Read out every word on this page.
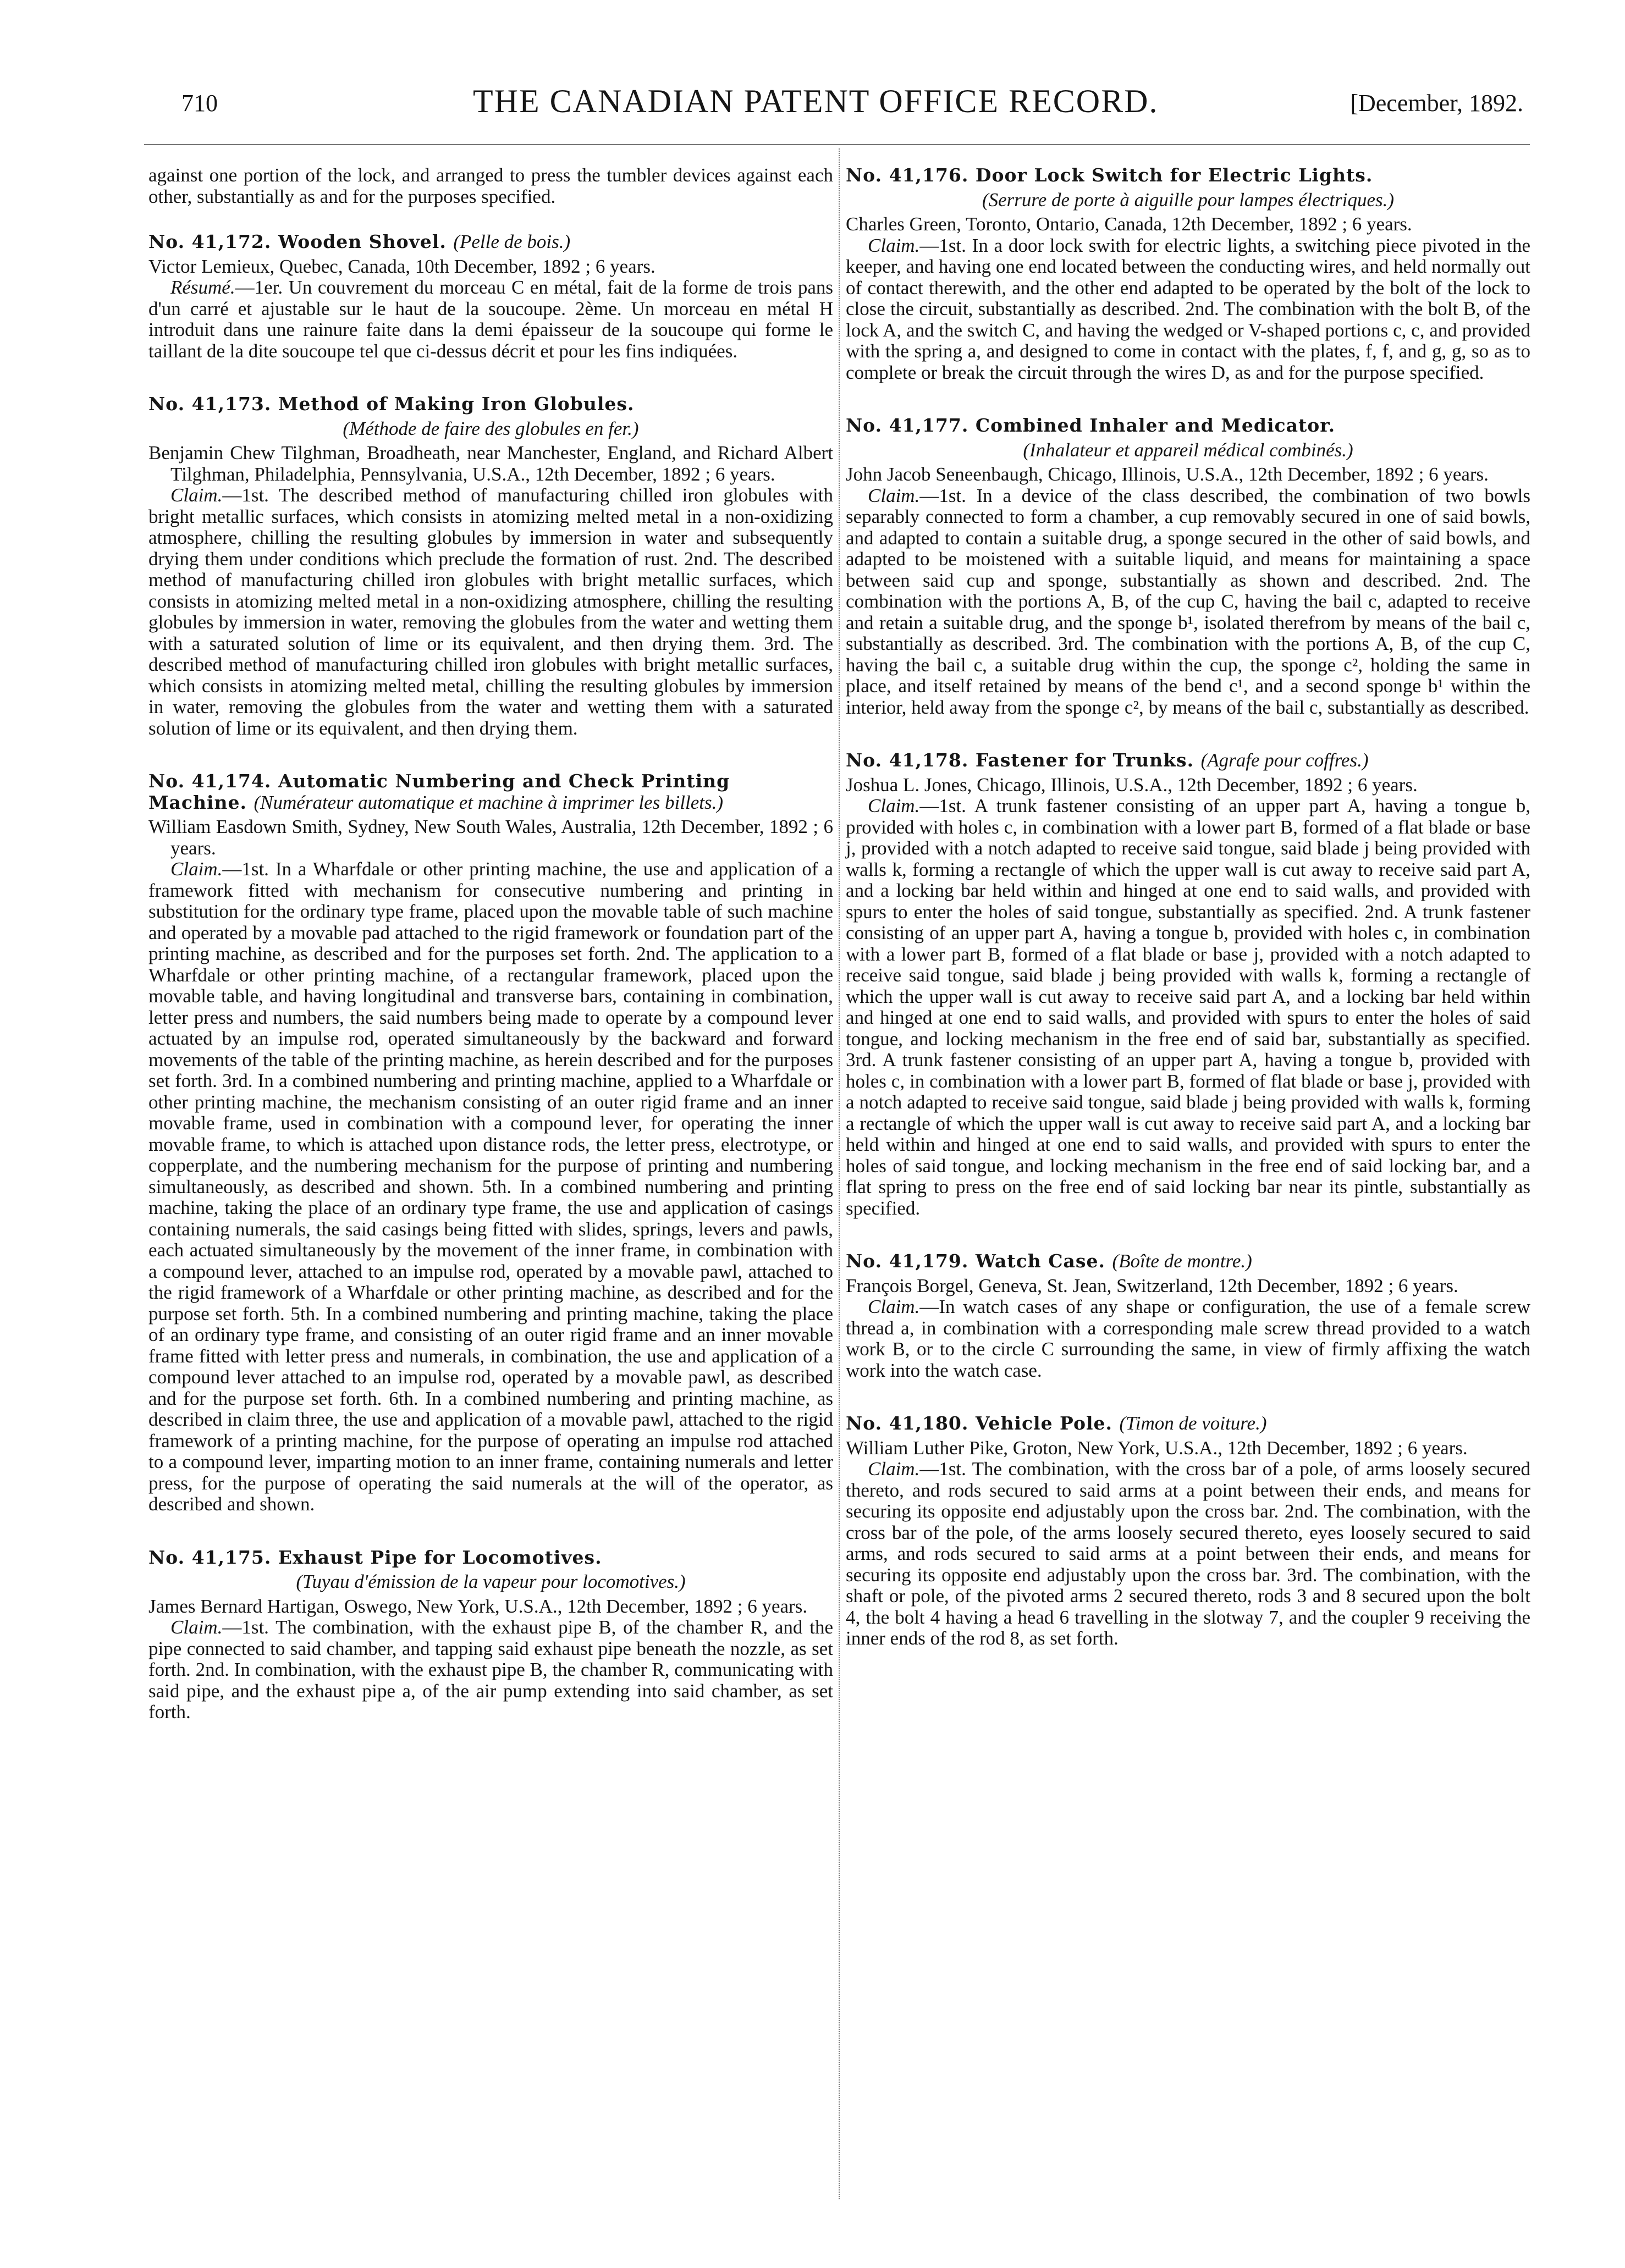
710	THE CANADIAN PATENT OFFICE RECORD.	[December, 1892.

against one portion of the lock, and arranged to press the tumbler devices against each other, substantially as and for the purposes specified.

No. 41,172. Wooden Shovel. (Pelle de bois.)

Victor Lemieux, Quebec, Canada, 10th December, 1892 ; 6 years.

Résumé.—1er. Un couvrement du morceau C en métal, fait de la forme de trois pans d'un carré et ajustable sur le haut de la soucoupe. 2ème. Un morceau en métal H introduit dans une rainure faite dans la demi épaisseur de la soucoupe qui forme le taillant de la dite soucoupe tel que ci-dessus décrit et pour les fins indiquées.

No. 41,173. Method of Making Iron Globules.
(Méthode de faire des globules en fer.)

Benjamin Chew Tilghman, Broadheath, near Manchester, England, and Richard Albert Tilghman, Philadelphia, Pennsylvania, U.S.A., 12th December, 1892 ; 6 years.

Claim.—1st. The described method of manufacturing chilled iron globules with bright metallic surfaces, which consists in atomizing melted metal in a non-oxidizing atmosphere, chilling the resulting globules by immersion in water and subsequently drying them under conditions which preclude the formation of rust. 2nd. The described method of manufacturing chilled iron globules with bright metallic surfaces, which consists in atomizing melted metal in a non-oxidizing atmosphere, chilling the resulting globules by immersion in water, removing the globules from the water and wetting them with a saturated solution of lime or its equivalent, and then drying them. 3rd. The described method of manufacturing chilled iron globules with bright metallic surfaces, which consists in atomizing melted metal, chilling the resulting globules by immersion in water, removing the globules from the water and wetting them with a saturated solution of lime or its equivalent, and then drying them.

No. 41,174. Automatic Numbering and Check Printing Machine. (Numérateur automatique et machine à imprimer les billets.)

William Easdown Smith, Sydney, New South Wales, Australia, 12th December, 1892 ; 6 years.

Claim.—1st. In a Wharfdale or other printing machine, the use and application of a framework fitted with mechanism for consecutive numbering and printing in substitution for the ordinary type frame, placed upon the movable table of such machine and operated by a movable pad attached to the rigid framework or foundation part of the printing machine, as described and for the purposes set forth. 2nd. The application to a Wharfdale or other printing machine, of a rectangular framework, placed upon the movable table, and having longitudinal and transverse bars, containing in combination, letter press and numbers, the said numbers being made to operate by a compound lever actuated by an impulse rod, operated simultaneously by the backward and forward movements of the table of the printing machine, as herein described and for the purposes set forth. 3rd. In a combined numbering and printing machine, applied to a Wharfdale or other printing machine, the mechanism consisting of an outer rigid frame and an inner movable frame, used in combination with a compound lever, for operating the inner movable frame, to which is attached upon distance rods, the letter press, electrotype, or copperplate, and the numbering mechanism for the purpose of printing and numbering simultaneously, as described and shown. 5th. In a combined numbering and printing machine, taking the place of an ordinary type frame, the use and application of casings containing numerals, the said casings being fitted with slides, springs, levers and pawls, each actuated simultaneously by the movement of the inner frame, in combination with a compound lever, attached to an impulse rod, operated by a movable pawl, attached to the rigid framework of a Wharfdale or other printing machine, as described and for the purpose set forth. 5th. In a combined numbering and printing machine, taking the place of an ordinary type frame, and consisting of an outer rigid frame and an inner movable frame fitted with letter press and numerals, in combination, the use and application of a compound lever attached to an impulse rod, operated by a movable pawl, as described and for the purpose set forth. 6th. In a combined numbering and printing machine, as described in claim three, the use and application of a movable pawl, attached to the rigid framework of a printing machine, for the purpose of operating an impulse rod attached to a compound lever, imparting motion to an inner frame, containing numerals and letter press, for the purpose of operating the said numerals at the will of the operator, as described and shown.

No. 41,175. Exhaust Pipe for Locomotives.
(Tuyau d'émission de la vapeur pour locomotives.)

James Bernard Hartigan, Oswego, New York, U.S.A., 12th December, 1892 ; 6 years.

Claim.—1st. The combination, with the exhaust pipe B, of the chamber R, and the pipe connected to said chamber, and tapping said exhaust pipe beneath the nozzle, as set forth. 2nd. In combination, with the exhaust pipe B, the chamber R, communicating with said pipe, and the exhaust pipe a, of the air pump extending into said chamber, as set forth.

No. 41,176. Door Lock Switch for Electric Lights.
(Serrure de porte à aiguille pour lampes électriques.)

Charles Green, Toronto, Ontario, Canada, 12th December, 1892 ; 6 years.

Claim.—1st. In a door lock swith for electric lights, a switching piece pivoted in the keeper, and having one end located between the conducting wires, and held normally out of contact therewith, and the other end adapted to be operated by the bolt of the lock to close the circuit, substantially as described. 2nd. The combination with the bolt B, of the lock A, and the switch C, and having the wedged or V-shaped portions c, c, and provided with the spring a, and designed to come in contact with the plates, f, f, and g, g, so as to complete or break the circuit through the wires D, as and for the purpose specified.

No. 41,177. Combined Inhaler and Medicator.
(Inhalateur et appareil médical combinés.)

John Jacob Seneenbaugh, Chicago, Illinois, U.S.A., 12th December, 1892 ; 6 years.

Claim.—1st. In a device of the class described, the combination of two bowls separably connected to form a chamber, a cup removably secured in one of said bowls, and adapted to contain a suitable drug, a sponge secured in the other of said bowls, and adapted to be moistened with a suitable liquid, and means for maintaining a space between said cup and sponge, substantially as shown and described. 2nd. The combination with the portions A, B, of the cup C, having the bail c, adapted to receive and retain a suitable drug, and the sponge b¹, isolated therefrom by means of the bail c, substantially as described. 3rd. The combination with the portions A, B, of the cup C, having the bail c, a suitable drug within the cup, the sponge c², holding the same in place, and itself retained by means of the bend c¹, and a second sponge b¹ within the interior, held away from the sponge c², by means of the bail c, substantially as described.

No. 41,178. Fastener for Trunks. (Agrafe pour coffres.)

Joshua L. Jones, Chicago, Illinois, U.S.A., 12th December, 1892 ; 6 years.

Claim.—1st. A trunk fastener consisting of an upper part A, having a tongue b, provided with holes c, in combination with a lower part B, formed of a flat blade or base j, provided with a notch adapted to receive said tongue, said blade j being provided with walls k, forming a rectangle of which the upper wall is cut away to receive said part A, and a locking bar held within and hinged at one end to said walls, and provided with spurs to enter the holes of said tongue, substantially as specified. 2nd. A trunk fastener consisting of an upper part A, having a tongue b, provided with holes c, in combination with a lower part B, formed of a flat blade or base j, provided with a notch adapted to receive said tongue, said blade j being provided with walls k, forming a rectangle of which the upper wall is cut away to receive said part A, and a locking bar held within and hinged at one end to said walls, and provided with spurs to enter the holes of said tongue, and locking mechanism in the free end of said bar, substantially as specified. 3rd. A trunk fastener consisting of an upper part A, having a tongue b, provided with holes c, in combination with a lower part B, formed of flat blade or base j, provided with a notch adapted to receive said tongue, said blade j being provided with walls k, forming a rectangle of which the upper wall is cut away to receive said part A, and a locking bar held within and hinged at one end to said walls, and provided with spurs to enter the holes of said tongue, and locking mechanism in the free end of said locking bar, and a flat spring to press on the free end of said locking bar near its pintle, substantially as specified.

No. 41,179. Watch Case. (Boîte de montre.)

François Borgel, Geneva, St. Jean, Switzerland, 12th December, 1892 ; 6 years.

Claim.—In watch cases of any shape or configuration, the use of a female screw thread a, in combination with a corresponding male screw thread provided to a watch work B, or to the circle C surrounding the same, in view of firmly affixing the watch work into the watch case.

No. 41,180. Vehicle Pole. (Timon de voiture.)

William Luther Pike, Groton, New York, U.S.A., 12th December, 1892 ; 6 years.

Claim.—1st. The combination, with the cross bar of a pole, of arms loosely secured thereto, and rods secured to said arms at a point between their ends, and means for securing its opposite end adjustably upon the cross bar. 2nd. The combination, with the cross bar of the pole, of the arms loosely secured thereto, eyes loosely secured to said arms, and rods secured to said arms at a point between their ends, and means for securing its opposite end adjustably upon the cross bar. 3rd. The combination, with the shaft or pole, of the pivoted arms 2 secured thereto, rods 3 and 8 secured upon the bolt 4, the bolt 4 having a head 6 travelling in the slotway 7, and the coupler 9 receiving the inner ends of the rod 8, as set forth.
